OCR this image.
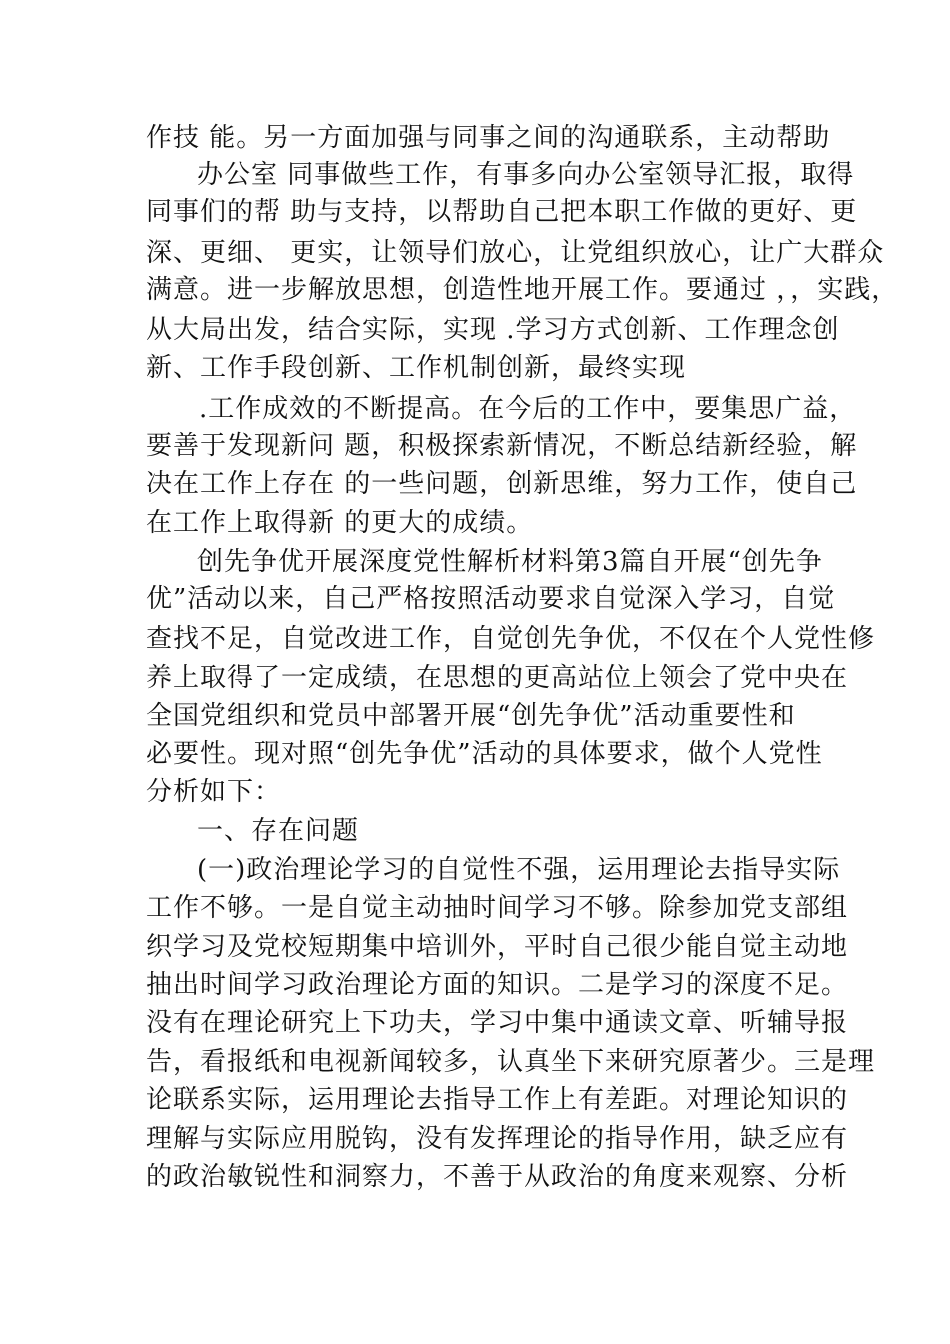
作技 能。另一方面加强与同事之间的沟通联系，主动帮助
办公室 同事做些工作，有事多向办公室领导汇报，取得
同事们的帮 助与支持，以帮助自己把本职工作做的更好、更
深、更细、 更实，让领导们放心，让党组织放心，让广大群众
满意。进一步解放思想，创造性地开展工作。要通过 ，，实践，
从大局出发，结合实际，实现 .学习方式创新、工作理念创
新、工作手段创新、工作机制创新，最终实现
.工作成效的不断提高。在今后的工作中，要集思广益，
要善于发现新问 题，积极探索新情况，不断总结新经验，解
决在工作上存在 的一些问题，创新思维，努力工作，使自己
在工作上取得新 的更大的成绩。
创先争优开展深度党性解析材料第3篇自开展“创先争
优”活动以来，自己严格按照活动要求自觉深入学习，自觉
查找不足，自觉改进工作，自觉创先争优，不仅在个人党性修
养上取得了一定成绩，在思想的更高站位上领会了党中央在
全国党组织和党员中部署开展“创先争优”活动重要性和
必要性。现对照“创先争优”活动的具体要求，做个人党性
分析如下：
一、存在问题
(一)政治理论学习的自觉性不强，运用理论去指导实际
工作不够。一是自觉主动抽时间学习不够。除参加党支部组
织学习及党校短期集中培训外，平时自己很少能自觉主动地
抽出时间学习政治理论方面的知识。二是学习的深度不足。
没有在理论研究上下功夫，学习中集中通读文章、听辅导报
告，看报纸和电视新闻较多，认真坐下来研究原著少。三是理
论联系实际，运用理论去指导工作上有差距。对理论知识的
理解与实际应用脱钩，没有发挥理论的指导作用，缺乏应有
的政治敏锐性和洞察力，不善于从政治的角度来观察、分析
